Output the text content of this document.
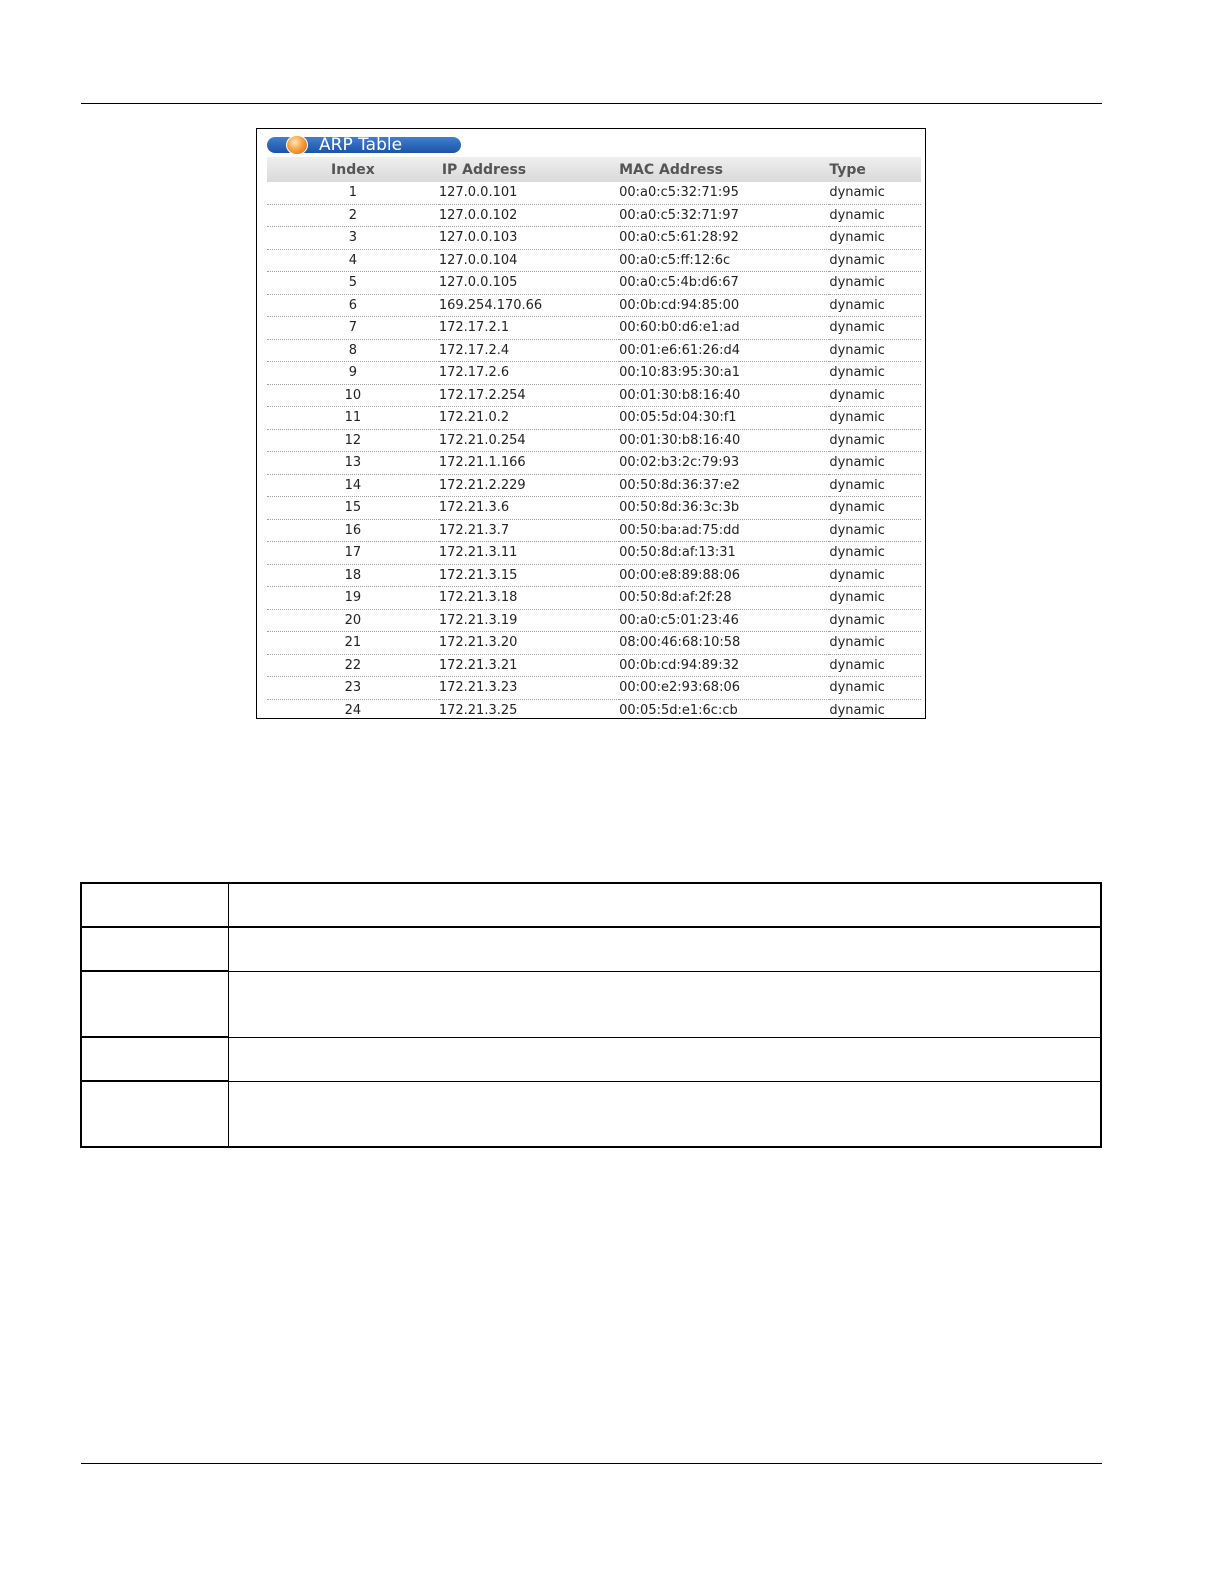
ARP Table
Index	IP Address	MAC Address	Type
1	127.0.0.101	00:a0:c5:32:71:95	dynamic
2	127.0.0.102	00:a0:c5:32:71:97	dynamic
3	127.0.0.103	00:a0:c5:61:28:92	dynamic
4	127.0.0.104	00:a0:c5:ff:12:6c	dynamic
5	127.0.0.105	00:a0:c5:4b:d6:67	dynamic
6	169.254.170.66	00:0b:cd:94:85:00	dynamic
7	172.17.2.1	00:60:b0:d6:e1:ad	dynamic
8	172.17.2.4	00:01:e6:61:26:d4	dynamic
9	172.17.2.6	00:10:83:95:30:a1	dynamic
10	172.17.2.254	00:01:30:b8:16:40	dynamic
11	172.21.0.2	00:05:5d:04:30:f1	dynamic
12	172.21.0.254	00:01:30:b8:16:40	dynamic
13	172.21.1.166	00:02:b3:2c:79:93	dynamic
14	172.21.2.229	00:50:8d:36:37:e2	dynamic
15	172.21.3.6	00:50:8d:36:3c:3b	dynamic
16	172.21.3.7	00:50:ba:ad:75:dd	dynamic
17	172.21.3.11	00:50:8d:af:13:31	dynamic
18	172.21.3.15	00:00:e8:89:88:06	dynamic
19	172.21.3.18	00:50:8d:af:2f:28	dynamic
20	172.21.3.19	00:a0:c5:01:23:46	dynamic
21	172.21.3.20	08:00:46:68:10:58	dynamic
22	172.21.3.21	00:0b:cd:94:89:32	dynamic
23	172.21.3.23	00:00:e2:93:68:06	dynamic
24	172.21.3.25	00:05:5d:e1:6c:cb	dynamic
